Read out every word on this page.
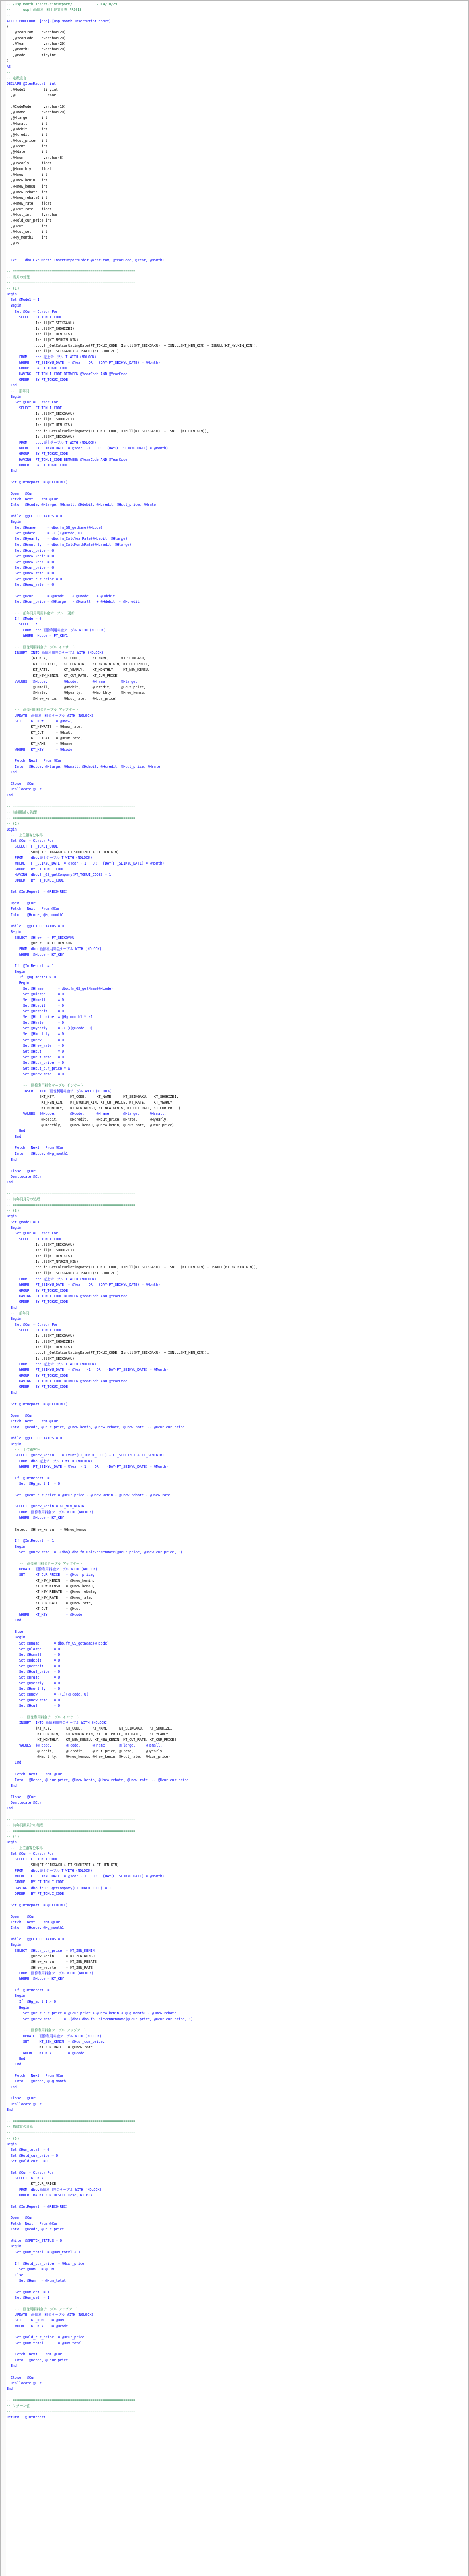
-- /usp_Month_InsertPrintReport/            2014/10/29
--     [usp] 画像利用料上位集計表 PR2013
--
ALTER PROCEDURE [dbo].[usp_Month_InsertPrintReport]
(
@YearFrom    nvarchar(20)
,@YearCode    nvarchar(20)
,@Year        nvarchar(20)
,@MonthT      nvarchar(20)
,@Mode        tinyint
)
AS
--
-- 定数宣言
DECLARE @ItemReport  int
,@Mode1         tinyint
,@C             Cursor
,@CodeMode     nvarchar(10)
,@Hname        nvarchar(20)
,@Hlarge       int
,@Hsmall       int
,@Hdebit       int
,@Hcredit      int
,@Hcut_price   int
,@Hcent        int
,@Hdate        int
,@Hnum         nvarchar(8)
,@Hyearly      float
,@Hmonthly     float
,@Hnew         int
,@Hnew_kenin   int
,@Hnew_kensu   int
,@Hnew_rebate  int
,@Hnew_rebate2 int
,@Hnew_rate    float
,@Hcut_rate    float
,@Hcut_int     [varchar]
,@Hold_cur_price int
,@Hcut         int
,@Hcut_set     int
,@Hy_month1    int
,@Hy
Exe    dbo.Exp_Month_InsertReportOrder @YearFrom, @YearCode, @Year, @MonthT
-- ============================================================
-- 当月の処理
-- ============================================================
-- (1)
Begin
Set @Mode1 = 1
Begin
Set @Cur = Cursor For
SELECT  FT_TOKUI_CODE
,Isnull(KT_SEIKGAKU)
,Isnull(KT_SHOHIZEI)
,Isnull(KT_HEN_KIN)
,Isnull(KT_NYUKIN_KIN)
,dbo.fn_GetCalcurlatingDate(FT_TOKUI_CODE, Isnull(KT_SEIKGAKU)  + ISNULL(KT_HEN_KIN) - ISNULL(KT_NYUKIN_KIN)),
Isnull(KT_SEIKGAKU) + ISNULL(KT_SHOHIZEI)
FROM    dbo.売上テーブル T WITH (NOLOCK)
WHERE   FT_SEIKYU_DATE  = @Year   OR   (DAY(FT_SEIKYU_DATE) = @Month)
GROUP   BY FT_TOKUI_CODE
HAVING  FT_TOKUI_CODE BETWEEN @YearCode AND @YearCode
ORDER   BY FT_TOKUI_CODE
End
--  前年同
Begin
Set @Cur = Cursor For
SELECT  FT_TOKUI_CODE
,Isnull(KT_SEIKGAKU)
,Isnull(KT_SHOHIZEI)
,Isnull(KT_HEN_KIN)
,dbo.fn_GetCalcurlatingDate(FT_TOKUI_CODE, Isnull(KT_SEIKGAKU)  + ISNULL(KT_HEN_KIN)),
Isnull(KT_SEIKGAKU)
FROM    dbo.売上テーブル T WITH (NOLOCK)
WHERE   FT_SEIKYU_DATE  = @Year  -1   OR   (DAY(FT_SEIKYU_DATE) = @Month)
GROUP   BY FT_TOKUI_CODE
HAVING  FT_TOKUI_CODE BETWEEN @YearCode AND @YearCode
ORDER   BY FT_TOKUI_CODE
End
Set @IntReport  = @REC0(REC)
Open   @Cur
Fetch  Next   From @Cur
Into   @Hcode, @Hlarge, @Hsmall, @Hdebit, @Hcredit, @Hcut_price, @Hrate
While  @@FETCH_STATUS = 0
Begin
Set @Hname      = dbo.fn_GS_getName(@Hcode)
Set @Hdate      = -(1)(@Hcode, 0)
Set @Hyearly    = dbo.fn_CalcYearRate(@Hdebit, @Hlarge)
Set @Hmonthly   = dbo.fn_CalcMonthRate(@Hcredit, @Hlarge)
Set @Hcut_price = 0
Set @Hnew_kenin = 0
Set @Hnew_kensu = 0
Set @Hcur_price = 0
Set @Hnew_rate  = 0
Set @Hcut_cur_price = 0
Set @Hnew_rate  = 0
Set @Hcur       = @Hcode    + @Hnode    + @Hdebit
Set @Hcur_price = @Hlarge   - @Hsmall   + @Hdebit  - @Hcredit
--  前年同月利用料金テーブル  更新
If  @Mode = 0
SELECT  *
FROM  dbo.画像利用料金テーブル WITH (NOLOCK)
WHERE  Hcode = FT_KEY1
--  画像利用料金テーブル インサート
INSERT  INTO 画像利用料金テーブル WITH (NOLOCK)
(KT_KEY,        KT_CODE,      KT_NAME,      KT_SEIKGAKU,
KT_SHOHIZEI,   KT_HEN_KIN,   KT_NYUKIN_KIN, KT_CUT_PRICE,
KT_RATE,       KT_YEARLY,    KT_MONTHLY,    KT_NEW_KENSU,
KT_NEW_KENIN,  KT_CUT_RATE,  KT_CUR_PRICE)
VALUES  (@Hcode,        @Hcode,       @Hname,       @Hlarge,
@Hsmall,       @Hdebit,      @Hcredit,     @Hcut_price,
@Hrate,        @Hyearly,     @Hmonthly,    @Hnew_kensu,
@Hnew_kenin,   @Hcut_rate,   @Hcur_price)
--  画像利用料金テーブル アップデート
UPDATE  画像利用料金テーブル WITH (NOLOCK)
SET     KT_NEW      = @Hnew,
KT_NEWRATE  = @Hnew_rate,
KT_CUT      = @Hcut,
KT_CUTRATE  = @Hcut_rate,
KT_NAME     = @Hname
WHERE   KT_KEY      = @Hcode
Fetch  Next   From @Cur
Into   @Hcode, @Hlarge, @Hsmall, @Hdebit, @Hcredit, @Hcut_price, @Hrate
End
Close   @Cur
Deallocate @Cur
End
-- ============================================================
-- 前期累計の処理
-- ============================================================
-- (2)
Begin
--  上位顧客を取得
Set @Cur = Cursor For
SELECT  FT_TOKUI_CODE
,SUM(FT_SEIKGAKU + FT_SHOHIZEI + FT_HEN_KIN)
FROM    dbo.売上テーブル T WITH (NOLOCK)
WHERE   FT_SEIKYU_DATE  = @Year - 1   OR   (DAY(FT_SEIKYU_DATE) = @Month)
GROUP   BY FT_TOKUI_CODE
HAVING  dbo.fn_GS_getCompany(FT_TOKUI_CODE) = 1
ORDER   BY FT_TOKUI_CODE
Set @IntReport  = @REC0(REC)
Open    @Cur
Fetch   Next   From @Cur
Into    @Hcode, @Hg_month1
While   @@FETCH_STATUS = 0
Begin
SELECT  @Hnew   = FT_SEIKGAKU
,@Hcur   = FT_HEN_KIN
FROM  dbo.画像利用料金テーブル WITH (NOLOCK)
WHERE  @Hcode = KT_KEY
If  @IntReport  = 1
Begin
If  @Hg_month1 > 0
Begin
Set @Hname       = dbo.fn_GS_getName(@Hcode)
Set @Hlarge      = 0
Set @Hsmall      = 0
Set @Hdebit      = 0
Set @Hcredit     = 0
Set @Hcut_price  = @Hg_month1 * -1
Set @Hrate       = 0
Set @Hyearly     = -(1)(@Hcode, 0)
Set @Hmonthly    = 0
Set @Hnew        = 0
Set @Hnew_rate   = 0
Set @Hcut        = 0
Set @Hcut_rate   = 0
Set @Hcur_price  = 0
Set @Hcut_cur_price = 0
Set @Hnew_rate   = 0
--  画像利用料金テーブル インサート
INSERT  INTO 画像利用料金テーブル WITH (NOLOCK)
(KT_KEY,       KT_CODE,     KT_NAME,     KT_SEIKGAKU,   KT_SHOHIZEI,
KT_HEN_KIN,   KT_NYUKIN_KIN, KT_CUT_PRICE, KT_RATE,    KT_YEARLY,
KT_MONTHLY,   KT_NEW_KENSU, KT_NEW_KENIN, KT_CUT_RATE, KT_CUR_PRICE)
VALUES  (@Hcode,       @Hcode,      @Hname,      @Hlarge,     @Hsmall,
@Hdebit,      @Hcredit,    @Hcut_price, @Hrate,      @Hyearly,
@Hmonthly,    @Hnew_kensu, @Hnew_kenin, @Hcut_rate,  @Hcur_price)
End
End
Fetch   Next   From @Cur
Into    @Hcode, @Hg_month1
End
Close   @Cur
Deallocate @Cur
End
-- ============================================================
-- 前年同月分の処理
-- ============================================================
-- (3)
Begin
Set @Mode1 = 1
Begin
Set @Cur = Cursor For
SELECT  FT_TOKUI_CODE
,Isnull(KT_SEIKGAKU)
,Isnull(KT_SHOHIZEI)
,Isnull(KT_HEN_KIN)
,Isnull(KT_NYUKIN_KIN)
,dbo.fn_GetCalcurlatingDate(FT_TOKUI_CODE, Isnull(KT_SEIKGAKU)  + ISNULL(KT_HEN_KIN) - ISNULL(KT_NYUKIN_KIN)),
Isnull(KT_SEIKGAKU) + ISNULL(KT_SHOHIZEI)
FROM    dbo.売上テーブル T WITH (NOLOCK)
WHERE   FT_SEIKYU_DATE  = @Year   OR   (DAY(FT_SEIKYU_DATE) = @Month)
GROUP   BY FT_TOKUI_CODE
HAVING  FT_TOKUI_CODE BETWEEN @YearCode AND @YearCode
ORDER   BY FT_TOKUI_CODE
End
--  前年同
Begin
Set @Cur = Cursor For
SELECT  FT_TOKUI_CODE
,Isnull(KT_SEIKGAKU)
,Isnull(KT_SHOHIZEI)
,Isnull(KT_HEN_KIN)
,dbo.fn_GetCalcurlatingDate(FT_TOKUI_CODE, Isnull(KT_SEIKGAKU)  + ISNULL(KT_HEN_KIN)),
Isnull(KT_SEIKGAKU)
FROM    dbo.売上テーブル T WITH (NOLOCK)
WHERE   FT_SEIKYU_DATE  = @Year  -1   OR   (DAY(FT_SEIKYU_DATE) = @Month)
GROUP   BY FT_TOKUI_CODE
HAVING  FT_TOKUI_CODE BETWEEN @YearCode AND @YearCode
ORDER   BY FT_TOKUI_CODE
End
Set @IntReport  = @REC0(REC)
Open   @Cur
Fetch  Next   From @Cur
Into   @Hcode, @Hcur_price, @Hnew_kenin, @Hnew_rebate, @Hnew_rate  -- @Hcur_cur_price
While  @@FETCH_STATUS = 0
Begin
--  上位顧客分
SELECT  @Hnew_kensu    = Count(FT_TOKUI_CODE) + FT_SHOHIZEI + FT_SIMEKIRI
FROM  dbo.売上テーブル T WITH (NOLOCK)
WHERE  FT_SEIKYU_DATE = @Year - 1    OR    (DAY(FT_SEIKYU_DATE) = @Month)
If  @IntReport  = 1
Set  @Hg_month1  = 0
Set  @Hcut_cur_price = @Hcur_price - @Hnew_kenin - @Hnew_rebate - @Hnew_rate
SELECT  @Hnew_kenin = KT_NEW_KENIN
FROM  画像利用料金テーブル WITH (NOLOCK)
WHERE  @Hcode = KT_KEY
Select  @Hnew_kensu   = @Hnew_kensu
If  @IntReport  = 1
Begin
Set  @Hnew_rate  = ~(dbo).dbo.fn_CalcZenNenRate(@Hcur_price, @Hnew_cur_price, 3)
--  画像利用料金テーブル アップデート
UPDATE  画像利用料金テーブル WITH (NOLOCK)
SET     KT_CUR_PRICE   = @Hcur_price,
KT_NEW_KENIN   = @Hnew_kenin,
KT_NEW_KENSU   = @Hnew_kensu,
KT_NEW_REBATE  = @Hnew_rebate,
KT_NEW_RATE    = @Hnew_rate,
KT_ZEN_RATE    = @Hnew_rate,
KT_CUT         = @Hcut
WHERE   KT_KEY         = @Hcode
End
Else
Begin
Set @Hname       = dbo.fn_GS_getName(@Hcode)
Set @Hlarge      = 0
Set @Hsmall      = 0
Set @Hdebit      = 0
Set @Hcredit     = 0
Set @Hcut_price  = 0
Set @Hrate       = 0
Set @Hyearly     = 0
Set @Hmonthly    = 0
Set @Hnew        = -(1)(@Hcode, 0)
Set @Hnew_rate   = 0
Set @Hcut        = 0
--  画像利用料金テーブル インサート
INSERT  INTO 画像利用料金テーブル WITH (NOLOCK)
(KT_KEY,       KT_CODE,     KT_NAME,     KT_SEIKGAKU,   KT_SHOHIZEI,
KT_HEN_KIN,   KT_NYUKIN_KIN, KT_CUT_PRICE, KT_RATE,    KT_YEARLY,
KT_MONTHLY,   KT_NEW_KENSU, KT_NEW_KENIN, KT_CUT_RATE, KT_CUR_PRICE)
VALUES  (@Hcode,       @Hcode,      @Hname,      @Hlarge,     @Hsmall,
@Hdebit,      @Hcredit,    @Hcut_price, @Hrate,      @Hyearly,
@Hmonthly,    @Hnew_kensu, @Hnew_kenin, @Hcut_rate,  @Hcur_price)
End
Fetch  Next   From @Cur
Into   @Hcode, @Hcur_price, @Hnew_kenin, @Hnew_rebate, @Hnew_rate  -- @Hcur_cur_price
End
Close   @Cur
Deallocate @Cur
End
-- ============================================================
-- 前年同期累計の処理
-- ============================================================
-- (4)
Begin
--  上位顧客を取得
Set @Cur = Cursor For
SELECT  FT_TOKUI_CODE
,SUM(FT_SEIKGAKU + FT_SHOHIZEI + FT_HEN_KIN)
FROM    dbo.売上テーブル T WITH (NOLOCK)
WHERE   FT_SEIKYU_DATE  = @Year - 1   OR   (DAY(FT_SEIKYU_DATE) = @Month)
GROUP   BY FT_TOKUI_CODE
HAVING  dbo.fn_GS_getCompany(FT_TOKUI_CODE) = 1
ORDER   BY FT_TOKUI_CODE
Set @IntReport  = @REC0(REC)
Open    @Cur
Fetch   Next   From @Cur
Into    @Hcode, @Hg_month1
While   @@FETCH_STATUS = 0
Begin
SELECT  @Hcur_cur_price  = KT_ZEN_KENIN
,@Hnew_kenin      = KT_ZEN_KENSU
,@Hnew_kensu      = KT_ZEN_REBATE
,@Hnew_rebate     = KT_ZEN_RATE
FROM  画像利用料金テーブル WITH (NOLOCK)
WHERE  @Hcode = KT_KEY
If  @IntReport  = 1
Begin
If  @Hg_month1 > 0
Begin
Set @Hcur_cur_price = @Hcur_price + @Hnew_kenin + @Hg_month1 - @Hnew_rebate
Set @Hnew_rate      = ~(dbo).dbo.fn_CalcZenNenRate(@Hcur_price, @Hcur_cur_price, 3)
--  画像利用料金テーブル アップデート
UPDATE  画像利用料金テーブル WITH (NOLOCK)
SET     KT_ZEN_KENIN  = @Hcur_cur_price,
KT_ZEN_RATE   = @Hnew_rate
WHERE   KT_KEY        = @Hcode
End
End
Fetch   Next   From @Cur
Into    @Hcode, @Hg_month1
End
Close   @Cur
Deallocate @Cur
End
-- ============================================================
-- 構成比の計算
-- ============================================================
-- (5)
Begin
Set @Hum_total  = 0
Set @Hold_cur_price = 0
Set @Hold_cur_  = 0
Set @Cur = Cursor For
SELECT  KT_KEY
,KT_CUR_PRICE
FROM  dbo.画像利用料金テーブル WITH (NOLOCK)
ORDER  BY KT_ZEN_DESCIE Desc, KT_KEY
Set @IntReport  = @REC0(REC)
Open   @Cur
Fetch  Next   From @Cur
Into   @Hcode, @Hcur_price
While  @@FETCH_STATUS = 0
Begin
Set @Hum_total  = @Hum_total + 1
If  @Hold_cur_price  = @Hcur_price
Set @Hum   = @Hum
Else
Set @Hum   = @Hum_total
Set @Hum_cnt  = 1
Set @Hum_set  = 1
--  画像利用料金テーブル アップデート
UPDATE  画像利用料金テーブル WITH (NOLOCK)
SET     KT_NUM    = @Hum
WHERE   KT_KEY    = @Hcode
Set @Hold_cur_price  = @Hcur_price
Set @Hum_total       = @Hum_total
Fetch  Next   From @Cur
Into   @Hcode, @Hcur_price
End
Close   @Cur
Deallocate @Cur
End
-- ============================================================
-- リターン値
-- ============================================================
Return   @IntReport
